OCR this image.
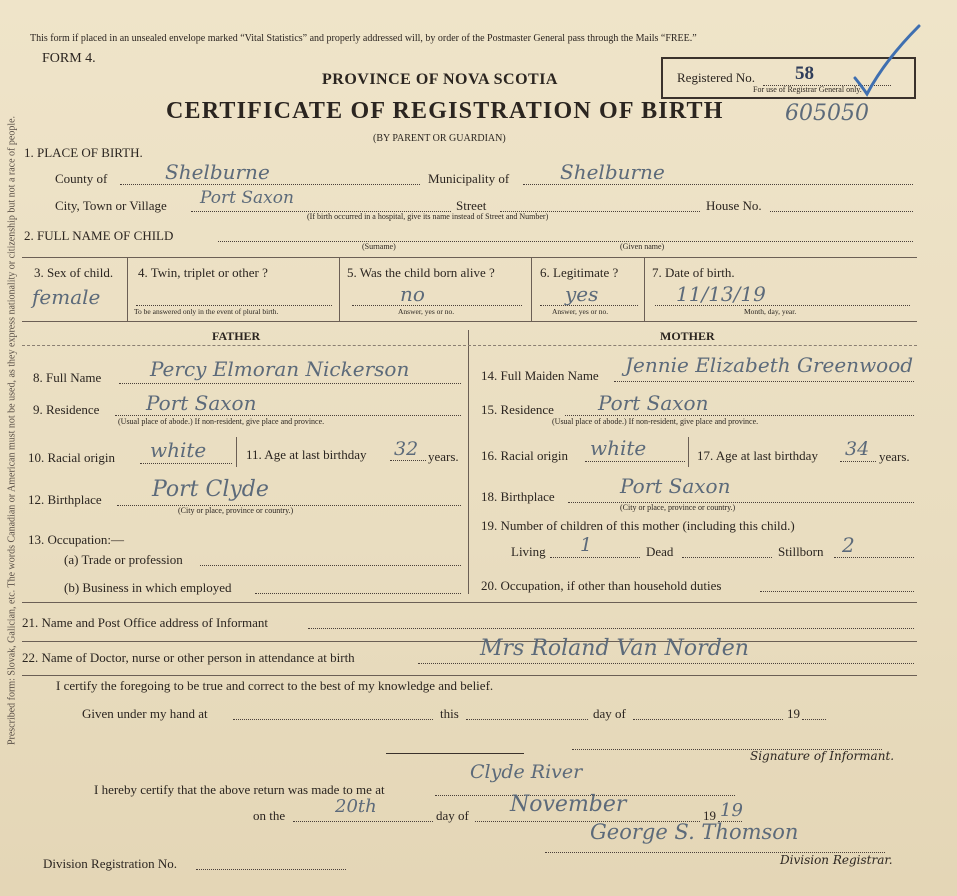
Prescribed form: Slovak, Galician, etc. The words Canadian or American must not be used, as they express nationality or citizenship but not a race of people.
This form if placed in an unsealed envelope marked “Vital Statistics” and properly addressed will, by order of the Postmaster General pass through the Mails “FREE.”
FORM 4.
PROVINCE OF NOVA SCOTIA
CERTIFICATE OF REGISTRATION OF BIRTH
(BY PARENT OR GUARDIAN)
605050
Registered No. 58
For use of Registrar General only.
1. PLACE OF BIRTH.
County of	Shelburne	Municipality of	Shelburne
City, Town or Village Port Saxon	Street	House No.
(If birth occurred in a hospital, give its name instead of Street and Number)
2. FULL NAME OF CHILD
(Surname)	(Given name)
3. Sex of child.
female
4. Twin, triplet or other ?
To be answered only in the event of plural birth.
5. Was the child born alive ?
no
Answer, yes or no.
6. Legitimate ?
yes
Answer, yes or no.
7. Date of birth.
11/13/19
Month, day, year.
FATHER	MOTHER
8. Full Name Percy Elmoran Nickerson
9. Residence Port Saxon
(Usual place of abode.) If non-resident, give place and province.
10. Racial origin white	11. Age at last birthday 32 years.
12. Birthplace Port Clyde
(City or place, province or country.)
13. Occupation:—
(a) Trade or profession
(b) Business in which employed
14. Full Maiden Name Jennie Elizabeth Greenwood
15. Residence Port Saxon
(Usual place of abode.) If non-resident, give place and province.
16. Racial origin white	17. Age at last birthday 34 years.
18. Birthplace	Port Saxon
(City or place, province or country.)
19. Number of children of this mother (including this child.)
Living 1	Dead	Stillborn 2
20. Occupation, if other than household duties
21. Name and Post Office address of Informant
22. Name of Doctor, nurse or other person in attendance at birth	Mrs Roland Van Norden
I certify the foregoing to be true and correct to the best of my knowledge and belief.
Given under my hand at	this	day of	19
Signature of Informant.
I hereby certify that the above return was made to me at
Clyde River
on the	20th	day of November	19 19
George S. Thomson
Division Registration No.	Division Registrar.
